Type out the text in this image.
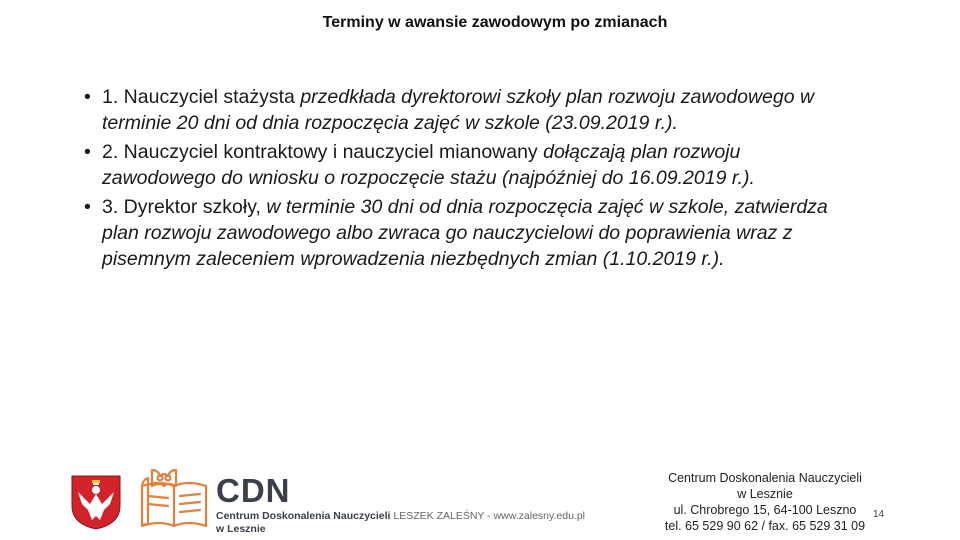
Terminy w awansie zawodowym po zmianach
• 1. Nauczyciel stażysta przedkłada dyrektorowi szkoły plan rozwoju zawodowego w terminie 20 dni od dnia rozpoczęcia zajęć w szkole (23.09.2019 r.).
• 2. Nauczyciel kontraktowy i nauczyciel mianowany dołączają plan rozwoju zawodowego do wniosku o rozpoczęcie stażu (najpóźniej do 16.09.2019 r.).
• 3. Dyrektor szkoły, w terminie 30 dni od dnia rozpoczęcia zajęć w szkole, zatwierdza plan rozwoju zawodowego albo zwraca go nauczycielowi do poprawienia wraz z pisemnym zaleceniem wprowadzenia niezbędnych zmian (1.10.2019 r.).
CDN
Centrum Doskonalenia Nauczycieli LESZEK ZALEŚNY - www.zalesny.edu.pl
w Lesznie
Centrum Doskonalenia Nauczycieli
w Lesznie
ul. Chrobrego 15, 64-100 Leszno
tel. 65 529 90 62 / fax. 65 529 31 09
14
